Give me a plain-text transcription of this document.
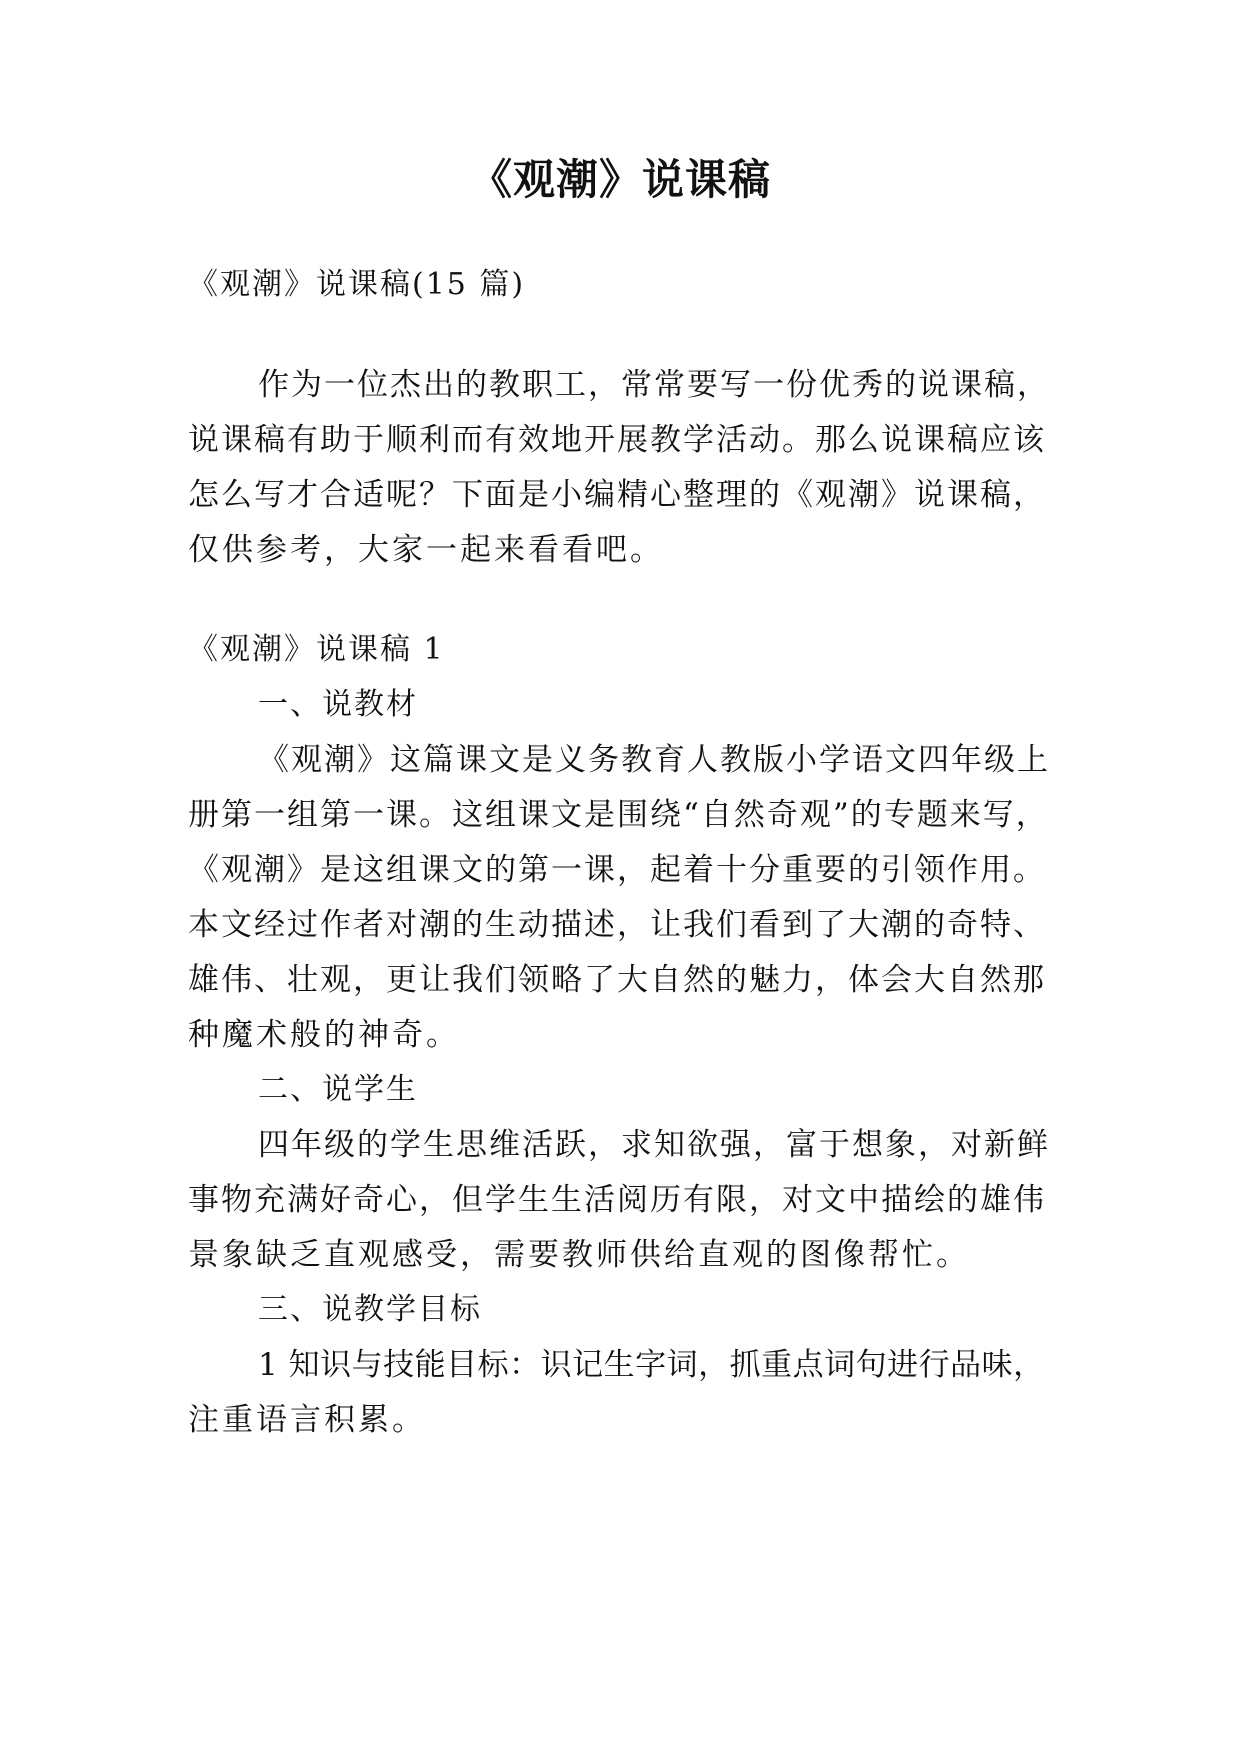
《观潮》说课稿
《观潮》说课稿(15 篇)
作为一位杰出的教职工，常常要写一份优秀的说课稿，
说课稿有助于顺利而有效地开展教学活动。那么说课稿应该
怎么写才合适呢？下面是小编精心整理的《观潮》说课稿，
仅供参考，大家一起来看看吧。
《观潮》说课稿 1
一、说教材
《观潮》这篇课文是义务教育人教版小学语文四年级上
册第一组第一课。这组课文是围绕“自然奇观”的专题来写，
《观潮》是这组课文的第一课，起着十分重要的引领作用。
本文经过作者对潮的生动描述，让我们看到了大潮的奇特、
雄伟、壮观，更让我们领略了大自然的魅力，体会大自然那
种魔术般的神奇。
二、说学生
四年级的学生思维活跃，求知欲强，富于想象，对新鲜
事物充满好奇心，但学生生活阅历有限，对文中描绘的雄伟
景象缺乏直观感受，需要教师供给直观的图像帮忙。
三、说教学目标
1 知识与技能目标：识记生字词，抓重点词句进行品味，
注重语言积累。
